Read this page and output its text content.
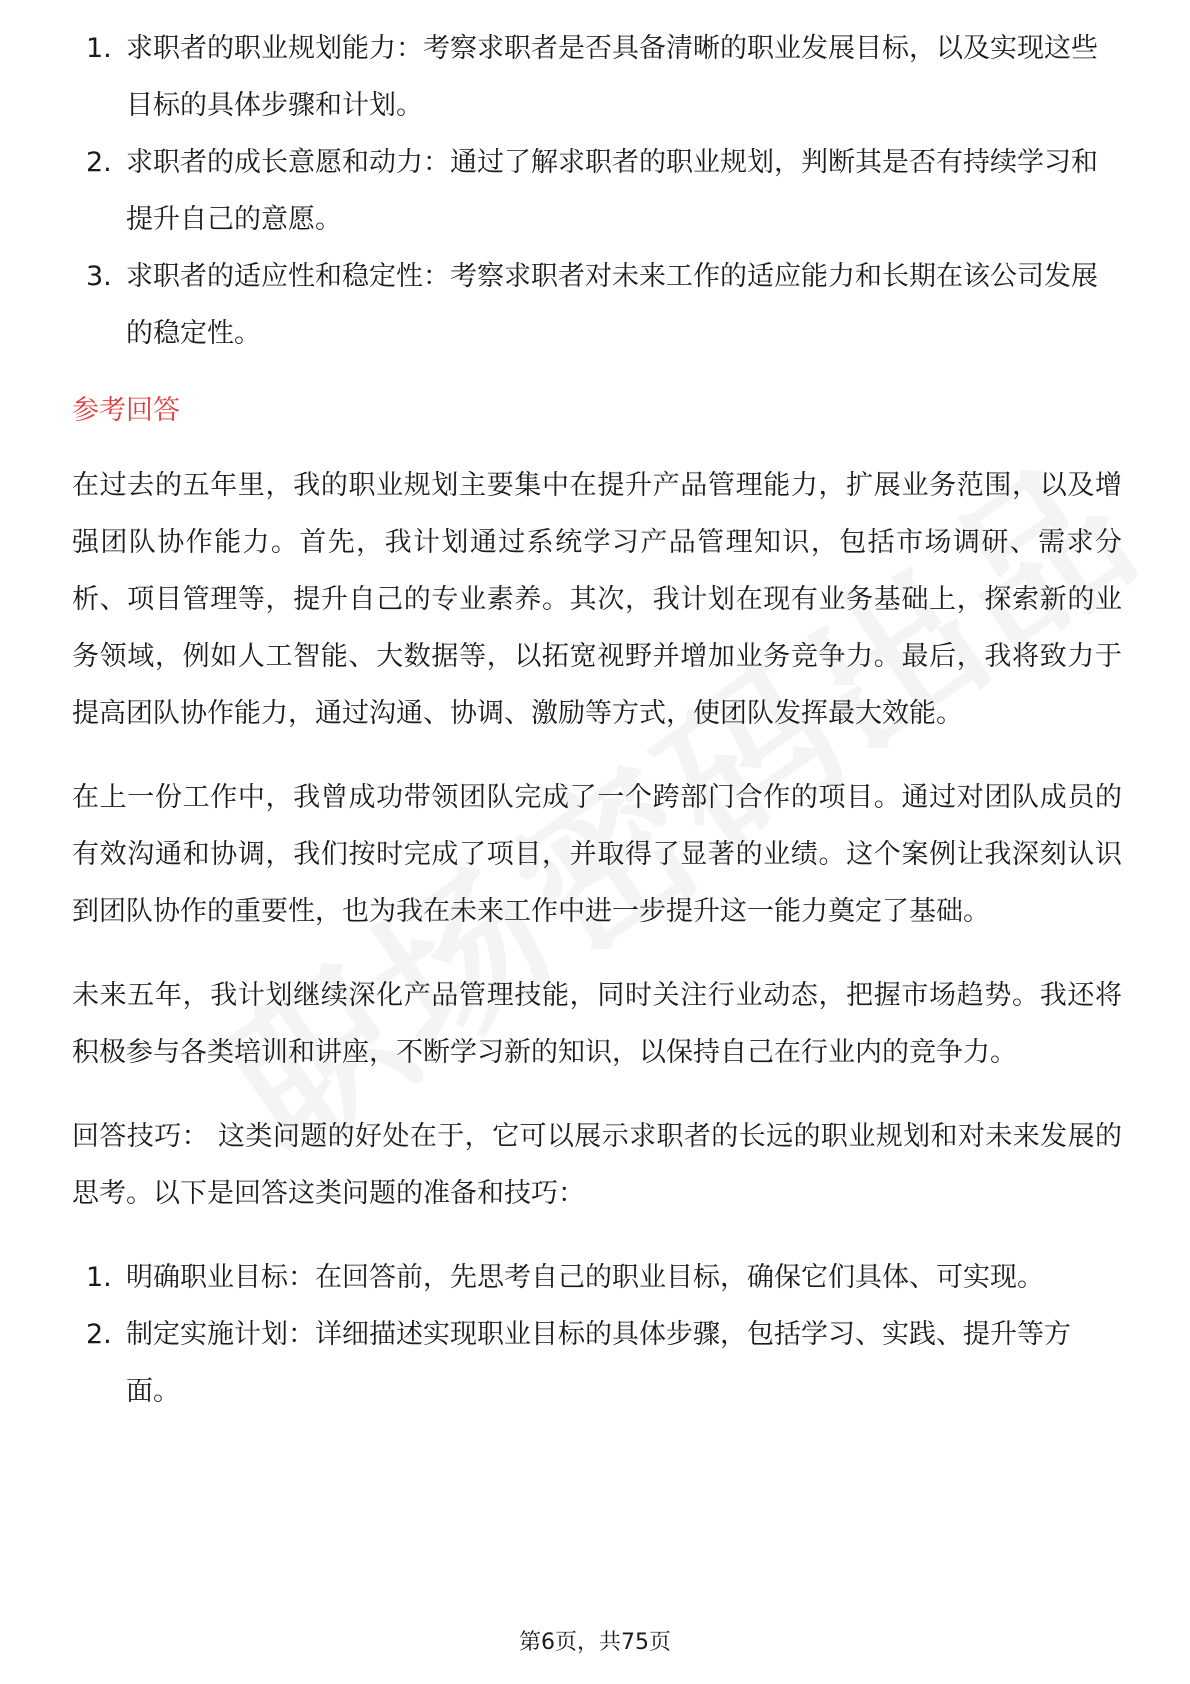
1. 求职者的职业规划能力：考察求职者是否具备清晰的职业发展目标，以及实现这些目标的具体步骤和计划。
2. 求职者的成长意愿和动力：通过了解求职者的职业规划，判断其是否有持续学习和提升自己的意愿。
3. 求职者的适应性和稳定性：考察求职者对未来工作的适应能力和长期在该公司发展的稳定性。
参考回答

在过去的五年里，我的职业规划主要集中在提升产品管理能力，扩展业务范围，以及增强团队协作能力。首先，我计划通过系统学习产品管理知识，包括市场调研、需求分析、项目管理等，提升自己的专业素养。其次，我计划在现有业务基础上，探索新的业务领域，例如人工智能、大数据等，以拓宽视野并增加业务竞争力。最后，我将致力于提高团队协作能力，通过沟通、协调、激励等方式，使团队发挥最大效能。

在上一份工作中，我曾成功带领团队完成了一个跨部门合作的项目。通过对团队成员的有效沟通和协调，我们按时完成了项目，并取得了显著的业绩。这个案例让我深刻认识到团队协作的重要性，也为我在未来工作中进一步提升这一能力奠定了基础。

未来五年，我计划继续深化产品管理技能，同时关注行业动态，把握市场趋势。我还将积极参与各类培训和讲座，不断学习新的知识，以保持自己在行业内的竞争力。

回答技巧： 这类问题的好处在于，它可以展示求职者的长远的职业规划和对未来发展的思考。以下是回答这类问题的准备和技巧：

1. 明确职业目标：在回答前，先思考自己的职业目标，确保它们具体、可实现。
2. 制定实施计划：详细描述实现职业目标的具体步骤，包括学习、实践、提升等方面。
第6页，共75页
